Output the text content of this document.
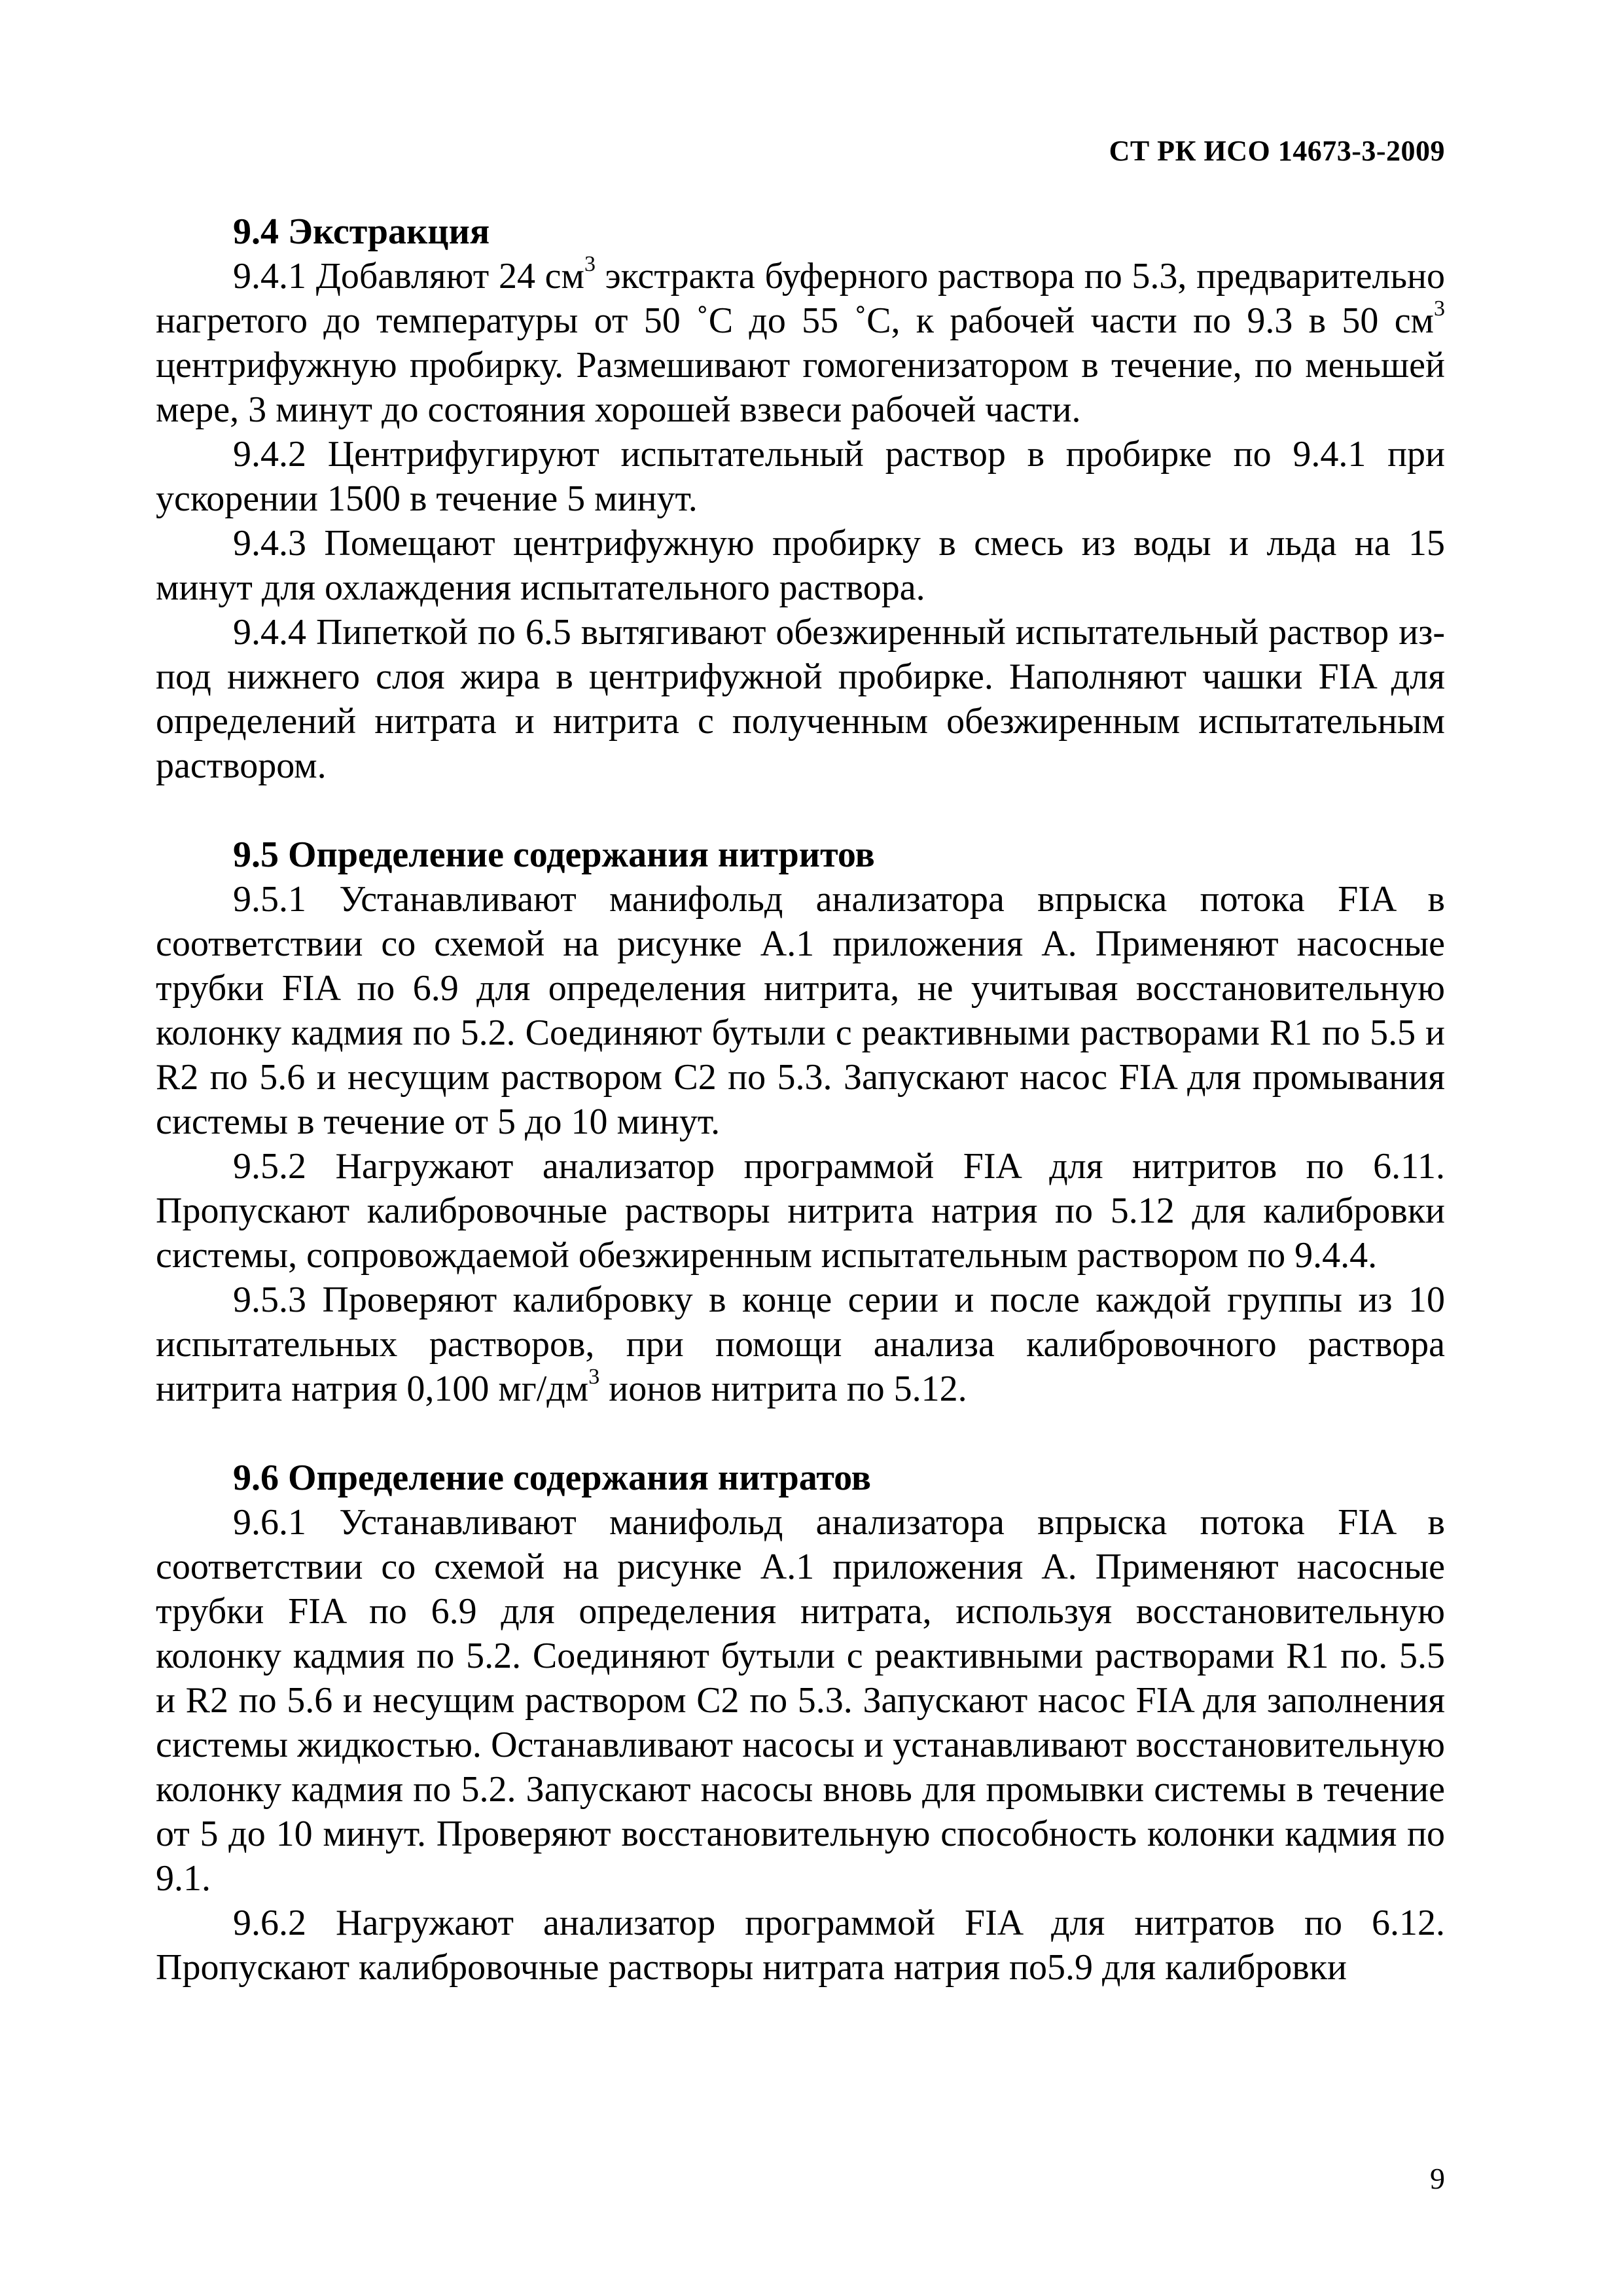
СТ РК ИСО 14673-3-2009

9.4 Экстракция

9.4.1 Добавляют 24 $см^3$ экстракта буферного раствора по 5.3, предварительно нагретого до температуры от 50 ˚С до 55 ˚С, к рабочей части по 9.3 в 50 $см^3$ центрифужную пробирку. Размешивают гомогенизатором в течение, по меньшей мере, 3 минут до состояния хорошей взвеси рабочей части.

9.4.2 Центрифугируют испытательный раствор в пробирке по 9.4.1 при ускорении 1500 в течение 5 минут.

9.4.3 Помещают центрифужную пробирку в смесь из воды и льда на 15 минут для охлаждения испытательного раствора.

9.4.4 Пипеткой по 6.5 вытягивают обезжиренный испытательный раствор из-под нижнего слоя жира в центрифужной пробирке. Наполняют чашки FIA для определений нитрата и нитрита с полученным обезжиренным испытательным раствором.

9.5 Определение содержания нитритов

9.5.1 Устанавливают манифольд анализатора впрыска потока FIA в соответствии со схемой на рисунке А.1 приложения А. Применяют насосные трубки FIA по 6.9 для определения нитрита, не учитывая восстановительную колонку кадмия по 5.2. Соединяют бутыли с реактивными растворами R1 по 5.5 и R2 по 5.6 и несущим раствором С2 по 5.3. Запускают насос FIA для промывания системы в течение от 5 до 10 минут.

9.5.2 Нагружают анализатор программой FIA для нитритов по 6.11. Пропускают калибровочные растворы нитрита натрия по 5.12 для калибровки системы, сопровождаемой обезжиренным испытательным раствором по 9.4.4.

9.5.3 Проверяют калибровку в конце серии и после каждой группы из 10 испытательных растворов, при помощи анализа калибровочного раствора нитрита натрия 0,100 $мг/дм^3$ ионов нитрита по 5.12.

9.6 Определение содержания нитратов

9.6.1 Устанавливают манифольд анализатора впрыска потока FIA в соответствии со схемой на рисунке А.1 приложения А. Применяют насосные трубки FIA по 6.9 для определения нитрата, используя восстановительную колонку кадмия по 5.2. Соединяют бутыли с реактивными растворами R1 по. 5.5 и R2 по 5.6 и несущим раствором С2 по 5.3. Запускают насос FIA для заполнения системы жидкостью. Останавливают насосы и устанавливают восстановительную колонку кадмия по 5.2. Запускают насосы вновь для промывки системы в течение от 5 до 10 минут. Проверяют восстановительную способность колонки кадмия по 9.1.

9.6.2 Нагружают анализатор программой FIA для нитратов по 6.12. Пропускают калибровочные растворы нитрата натрия по5.9 для калибровки

9
